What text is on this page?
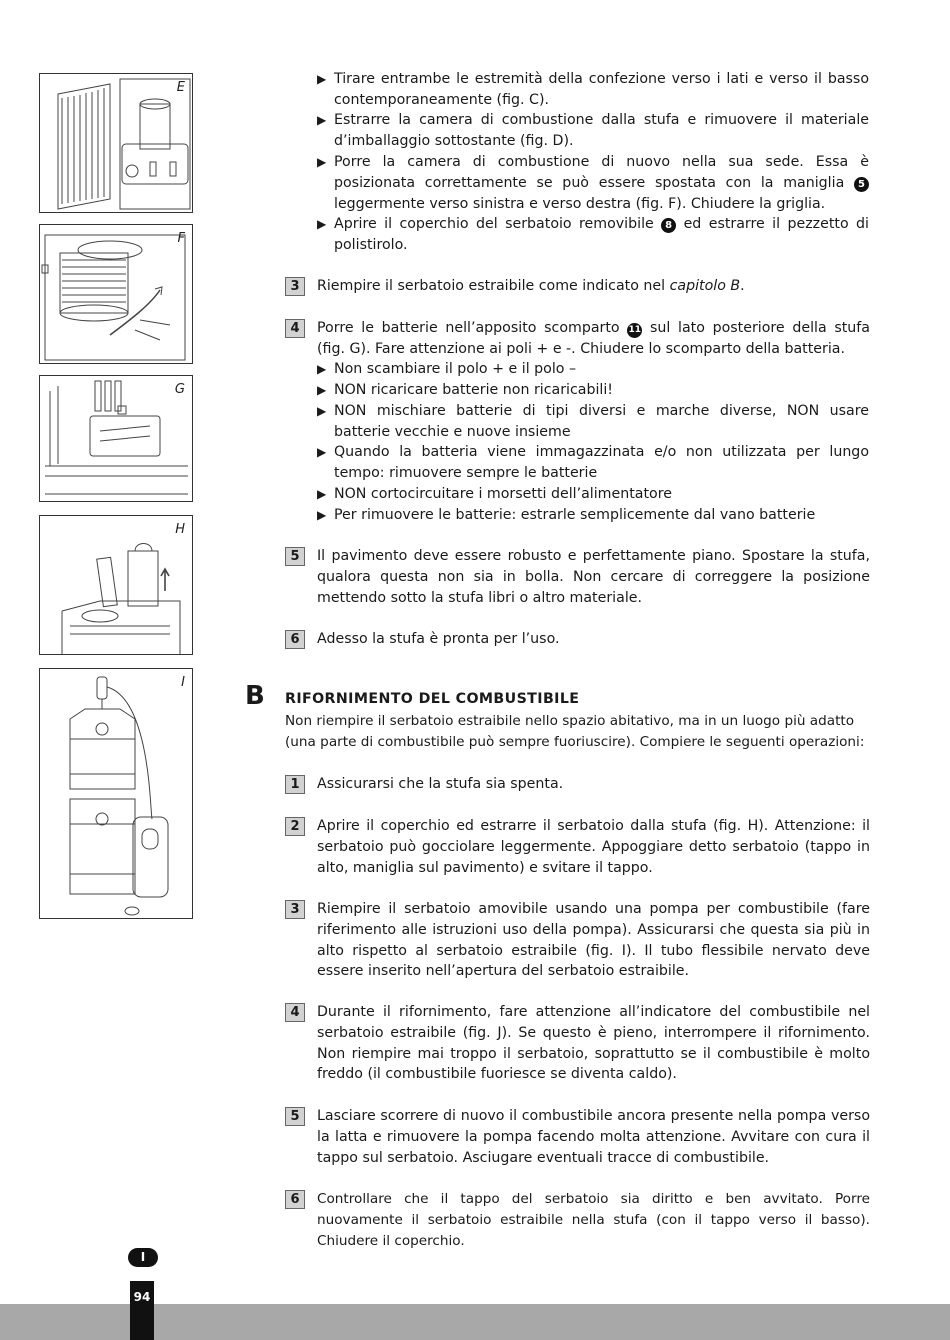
E
F
G
H
I
▶ Tirare entrambe le estremità della confezione verso i lati e verso il basso contemporaneamente (fig. C).
▶ Estrarre la camera di combustione dalla stufa e rimuovere il materiale d’imballaggio sottostante (fig. D).
▶ Porre la camera di combustione di nuovo nella sua sede. Essa è posizionata correttamente se può essere spostata con la maniglia 5 leggermente verso sinistra e verso destra (fig. F). Chiudere la griglia.
▶ Aprire il coperchio del serbatoio removibile 8 ed estrarre il pezzetto di polistirolo.
3	Riempire il serbatoio estraibile come indicato nel capitolo B.
4	Porre le batterie nell’apposito scomparto 11 sul lato posteriore della stufa (fig. G). Fare attenzione ai poli + e -. Chiudere lo scomparto della batteria.
▶ Non scambiare il polo + e il polo –
▶ NON ricaricare batterie non ricaricabili!
▶ NON mischiare batterie di tipi diversi e marche diverse, NON usare batterie vecchie e nuove insieme
▶ Quando la batteria viene immagazzinata e/o non utilizzata per lungo tempo: rimuovere sempre le batterie
▶ NON cortocircuitare i morsetti dell’alimentatore
▶ Per rimuovere le batterie: estrarle semplicemente dal vano batterie
5	Il pavimento deve essere robusto e perfettamente piano. Spostare la stufa, qualora questa non sia in bolla. Non cercare di correggere la posizione mettendo sotto la stufa libri o altro materiale.
6	Adesso la stufa è pronta per l’uso.
B RIFORNIMENTO DEL COMBUSTIBILE
Non riempire il serbatoio estraibile nello spazio abitativo, ma in un luogo più adatto (una parte di combustibile può sempre fuoriuscire). Compiere le seguenti operazioni:
1	Assicurarsi che la stufa sia spenta.
2	Aprire il coperchio ed estrarre il serbatoio dalla stufa (fig. H). Attenzione: il serbatoio può gocciolare leggermente. Appoggiare detto serbatoio (tappo in alto, maniglia sul pavimento) e svitare il tappo.
3	Riempire il serbatoio amovibile usando una pompa per combustibile (fare riferimento alle istruzioni uso della pompa). Assicurarsi che questa sia più in alto rispetto al serbatoio estraibile (fig. I). Il tubo flessibile nervato deve essere inserito nell’apertura del serbatoio estraibile.
4	Durante il rifornimento, fare attenzione all’indicatore del combustibile nel serbatoio estraibile (fig. J). Se questo è pieno, interrompere il rifornimento. Non riempire mai troppo il serbatoio, soprattutto se il combustibile è molto freddo (il combustibile fuoriesce se diventa caldo).
5	Lasciare scorrere di nuovo il combustibile ancora presente nella pompa verso la latta e rimuovere la pompa facendo molta attenzione. Avvitare con cura il tappo sul serbatoio. Asciugare eventuali tracce di combustibile.
6	Controllare che il tappo del serbatoio sia diritto e ben avvitato. Porre nuovamente il serbatoio estraibile nella stufa (con il tappo verso il basso). Chiudere il coperchio.
I
94
